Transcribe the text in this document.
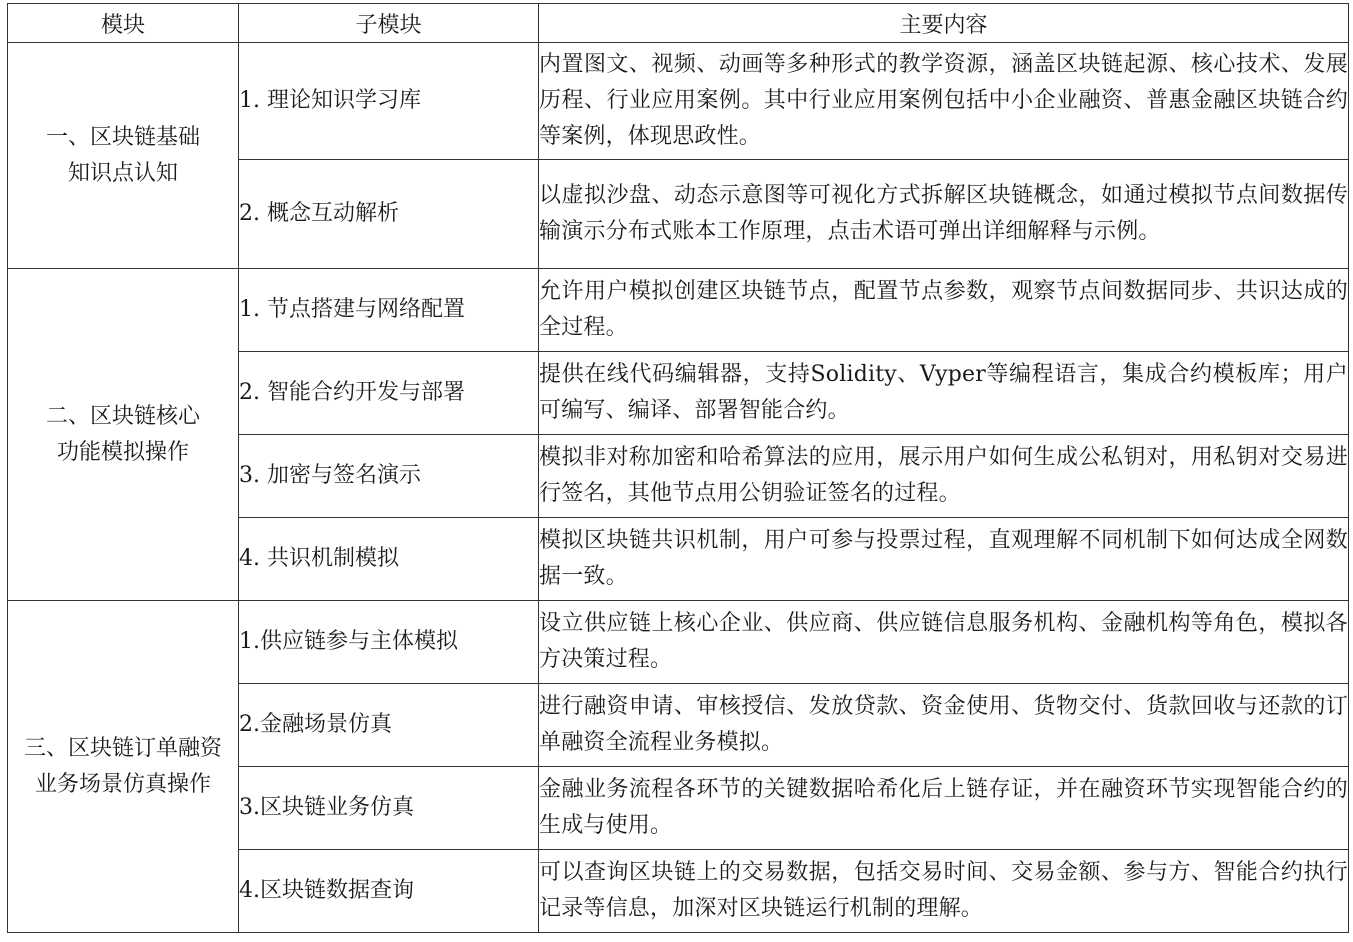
模块	子模块	主要内容

一、区块链基础
知识点认知	1. 理论知识学习库	内置图文、视频、动画等多种形式的教学资源，涵盖区块链起源、核心技术、发展历程、行业应用案例。其中行业应用案例包括中小企业融资、普惠金融区块链合约等案例，体现思政性。
	2. 概念互动解析	以虚拟沙盘、动态示意图等可视化方式拆解区块链概念，如通过模拟节点间数据传输演示分布式账本工作原理，点击术语可弹出详细解释与示例。

二、区块链核心
功能模拟操作	1. 节点搭建与网络配置	允许用户模拟创建区块链节点，配置节点参数，观察节点间数据同步、共识达成的全过程。
	2. 智能合约开发与部署	提供在线代码编辑器，支持Solidity、Vyper等编程语言，集成合约模板库；用户可编写、编译、部署智能合约。
	3. 加密与签名演示	模拟非对称加密和哈希算法的应用，展示用户如何生成公私钥对，用私钥对交易进行签名，其他节点用公钥验证签名的过程。
	4. 共识机制模拟	模拟区块链共识机制，用户可参与投票过程，直观理解不同机制下如何达成全网数据一致。

三、区块链订单融资
业务场景仿真操作	1.供应链参与主体模拟	设立供应链上核心企业、供应商、供应链信息服务机构、金融机构等角色，模拟各方决策过程。
	2.金融场景仿真	进行融资申请、审核授信、发放贷款、资金使用、货物交付、货款回收与还款的订单融资全流程业务模拟。
	3.区块链业务仿真	金融业务流程各环节的关键数据哈希化后上链存证，并在融资环节实现智能合约的生成与使用。
	4.区块链数据查询	可以查询区块链上的交易数据，包括交易时间、交易金额、参与方、智能合约执行记录等信息，加深对区块链运行机制的理解。
